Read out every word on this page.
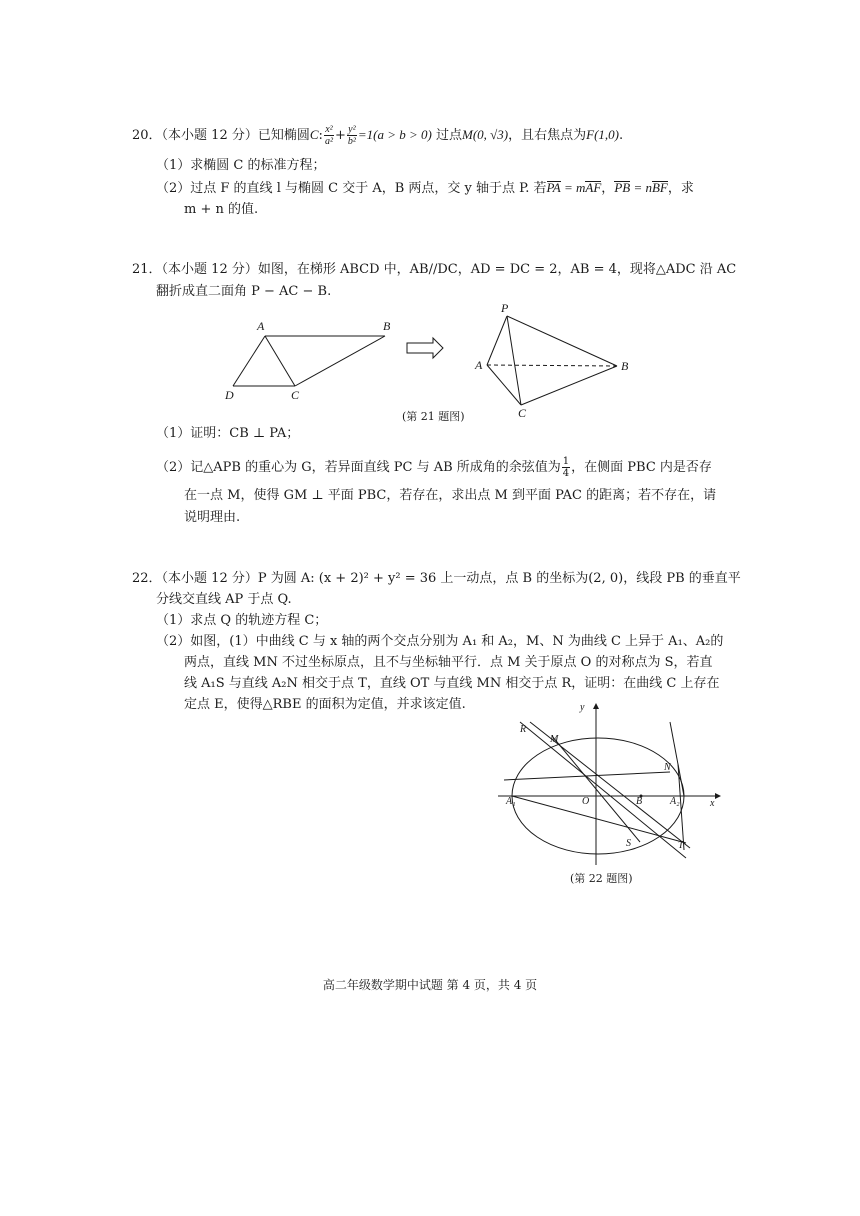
20．（本小题 12 分）已知椭圆C: $\frac{\text{x²}}{\text{a²}} + \frac{\text{y²}}{\text{b²}} =1(a > b > 0)$ 过点M(0, √3)，且右焦点为F(1,0).
（1）求椭圆 C 的标准方程；
（2）过点 F 的直线 l 与椭圆 C 交于 A，B 两点，交 y 轴于点 P. 若PA = mAF，PB = nBF，求
m + n 的值.
21．（本小题 12 分）如图，在梯形 ABCD 中，AB//DC，AD = DC = 2，AB = 4，现将△ADC 沿 AC
翻折成直二面角 P − AC − B.
A	B
D	C
P
A	B
C
(第 21 题图)
（1）证明：CB ⊥ PA；
（2）记△APB 的重心为 G，若异面直线 PC 与 AB 所成角的余弦值为 $\frac{1}{4}$ ，在侧面 PBC 内是否存
在一点 M，使得 GM ⊥ 平面 PBC，若存在，求出点 M 到平面 PAC 的距离；若不存在，请
说明理由.
22．（本小题 12 分）P 为圆 A: (x + 2)² + y² = 36 上一动点，点 B 的坐标为(2, 0)，线段 PB 的垂直平
分线交直线 AP 于点 Q.
（1）求点 Q 的轨迹方程 C；
（2）如图，(1）中曲线 C 与 x 轴的两个交点分别为 A₁ 和 A₂，M、N 为曲线 C 上异于 A₁、A₂的
两点，直线 MN 不过坐标原点，且不与坐标轴平行．点 M 关于原点 O 的对称点为 S，若直
线 A₁S 与直线 A₂N 相交于点 T，直线 OT 与直线 MN 相交于点 R，证明：在曲线 C 上存在
定点 E，使得△RBE 的面积为定值，并求该定值.	y
x
R
M
N
A₁	O	B	A₂
S	T
(第 22 题图)
高二年级数学期中试题 第 4 页，共 4 页
